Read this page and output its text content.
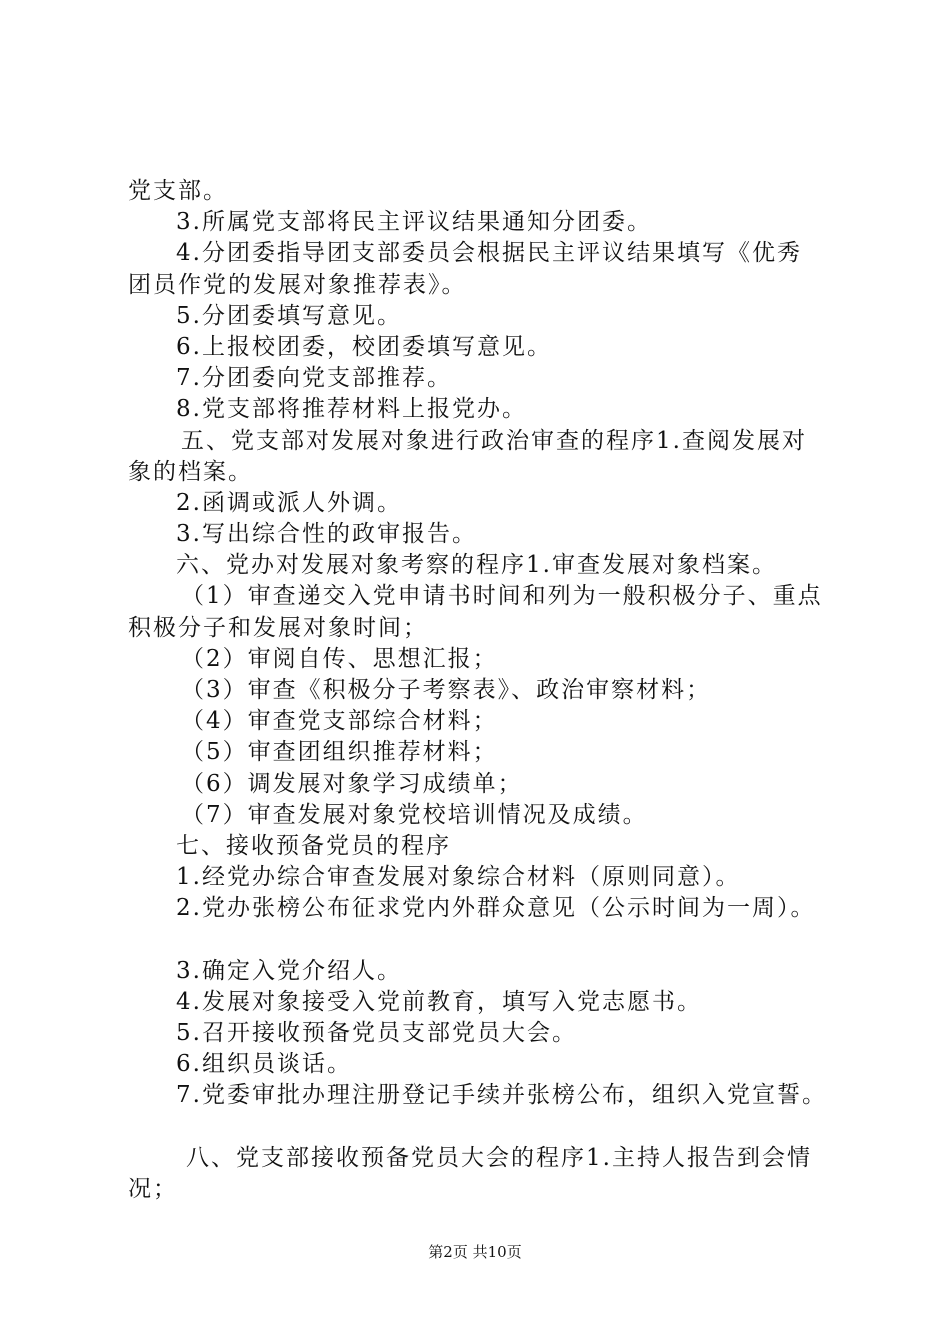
党支部。
3.所属党支部将民主评议结果通知分团委。
4.分团委指导团支部委员会根据民主评议结果填写《优秀
团员作党的发展对象推荐表》。
5.分团委填写意见。
6.上报校团委，校团委填写意见。
7.分团委向党支部推荐。
8.党支部将推荐材料上报党办。
五、党支部对发展对象进行政治审查的程序1.查阅发展对
象的档案。
2.函调或派人外调。
3.写出综合性的政审报告。
六、党办对发展对象考察的程序1.审查发展对象档案。
（1）审查递交入党申请书时间和列为一般积极分子、重点
积极分子和发展对象时间；
（2）审阅自传、思想汇报；
（3）审查《积极分子考察表》、政治审察材料；
（4）审查党支部综合材料；
（5）审查团组织推荐材料；
（6）调发展对象学习成绩单；
（7）审查发展对象党校培训情况及成绩。
七、接收预备党员的程序
1.经党办综合审查发展对象综合材料（原则同意）。
2.党办张榜公布征求党内外群众意见（公示时间为一周）。
3.确定入党介绍人。
4.发展对象接受入党前教育，填写入党志愿书。
5.召开接收预备党员支部党员大会。
6.组织员谈话。
7.党委审批办理注册登记手续并张榜公布，组织入党宣誓。
八、党支部接收预备党员大会的程序1.主持人报告到会情
况；
第2页 共10页
